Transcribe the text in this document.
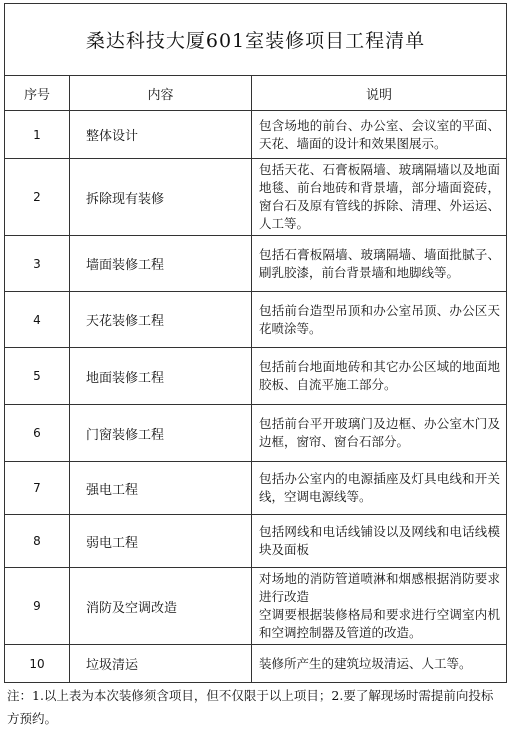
桑达科技大厦601室装修项目工程清单		
序号	内容	说明
1	整体设计	包含场地的前台、办公室、会议室的平面、天花、墙面的设计和效果图展示。

2	拆除现有装修	包括天花、石膏板隔墙、玻璃隔墙以及地面地毯、前台地砖和背景墙，部分墙面瓷砖，窗台石及原有管线的拆除、清理、外运运、人工等。

3	墙面装修工程	包括石膏板隔墙、玻璃隔墙、墙面批腻子、刷乳胶漆，前台背景墙和地脚线等。

4	天花装修工程	包括前台造型吊顶和办公室吊顶、办公区天花喷涂等。

5	地面装修工程	包括前台地面地砖和其它办公区域的地面地胶板、自流平施工部分。

6	门窗装修工程	包括前台平开玻璃门及边框、办公室木门及边框，窗帘、窗台石部分。

7	强电工程	包括办公室内的电源插座及灯具电线和开关线，空调电源线等。

8	弱电工程	包括网线和电话线铺设以及网线和电话线模块及面板

9	消防及空调改造	对场地的消防管道喷淋和烟感根据消防要求进行改造
空调要根据装修格局和要求进行空调室内机和空调控制器及管道的改造。

10	垃圾清运	装修所产生的建筑垃圾清运、人工等。
注：1.以上表为本次装修须含项目，但不仅限于以上项目；2.要了解现场时需提前向投标方预约。
